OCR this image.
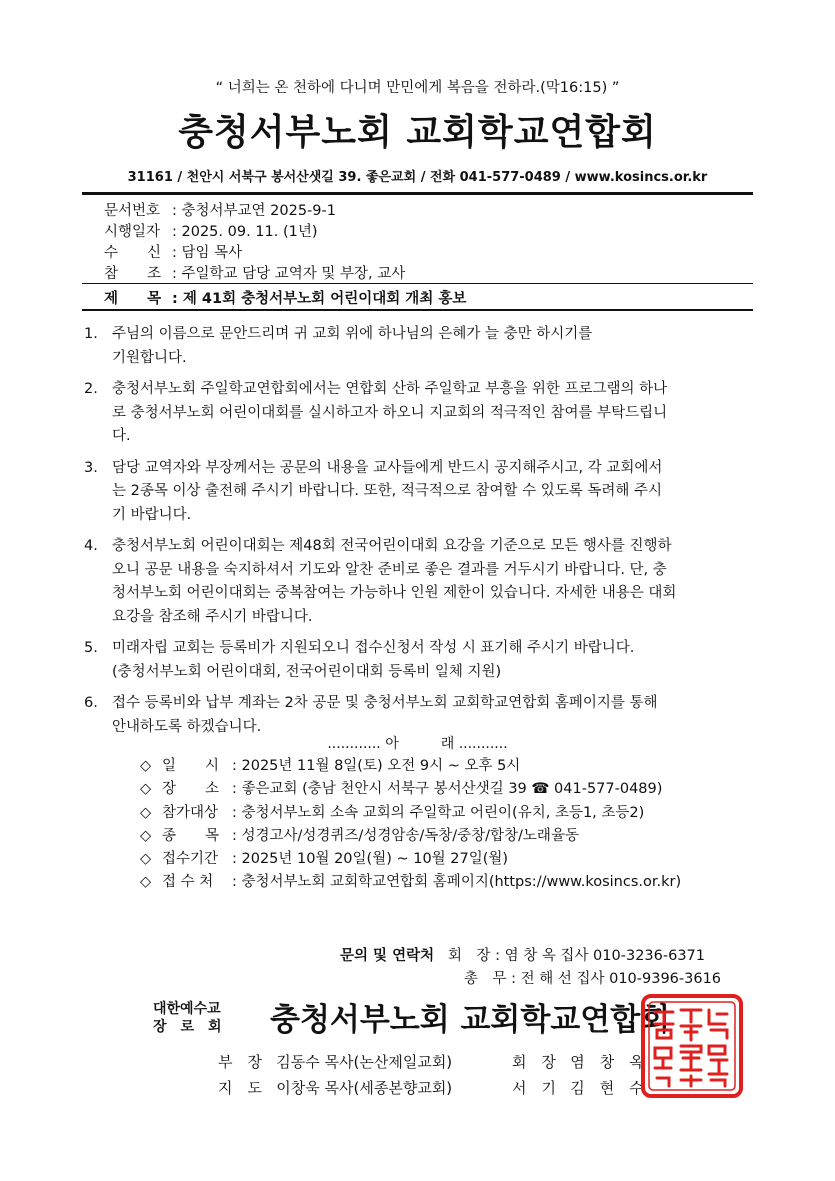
“ 너희는 온 천하에 다니며 만민에게 복음을 전하라.(막16:15) ”
충청서부노회 교회학교연합회
31161 / 천안시 서북구 봉서산샛길 39. 좋은교회 / 전화 041-577-0489 / www.kosincs.or.kr
문서번호 : 충청서부교연 2025-9-1
시행일자 : 2025. 09. 11. (1년)
수　　신 : 담임 목사
참　　조 : 주일학교 담당 교역자 및 부장, 교사
제　　목 : 제 41회 충청서부노회 어린이대회 개최 홍보
1. 주님의 이름으로 문안드리며 귀 교회 위에 하나님의 은혜가 늘 충만 하시기를
기원합니다.
2. 충청서부노회 주일학교연합회에서는 연합회 산하 주일학교 부흥을 위한 프로그램의 하나
로 충청서부노회 어린이대회를 실시하고자 하오니 지교회의 적극적인 참여를 부탁드립니
다.
3. 담당 교역자와 부장께서는 공문의 내용을 교사들에게 반드시 공지해주시고, 각 교회에서
는 2종목 이상 출전해 주시기 바랍니다. 또한, 적극적으로 참여할 수 있도록 독려해 주시
기 바랍니다.
4. 충청서부노회 어린이대회는 제48회 전국어린이대회 요강을 기준으로 모든 행사를 진행하
오니 공문 내용을 숙지하셔서 기도와 알찬 준비로 좋은 결과를 거두시기 바랍니다. 단, 충
청서부노회 어린이대회는 중복참여는 가능하나 인원 제한이 있습니다. 자세한 내용은 대회
요강을 참조해 주시기 바랍니다.
5. 미래자립 교회는 등록비가 지원되오니 접수신청서 작성 시 표기해 주시기 바랍니다.
(충청서부노회 어린이대회, 전국어린이대회 등록비 일체 지원)
6. 접수 등록비와 납부 계좌는 2차 공문 및 충청서부노회 교회학교연합회 홈페이지를 통해
안내하도록 하겠습니다.
............ 아　　　래 ...........
◇ 일　　시 : 2025년 11월 8일(토) 오전 9시 ~ 오후 5시
◇ 장　　소 : 좋은교회 (충남 천안시 서북구 봉서산샛길 39 ☎ 041-577-0489)
◇ 참가대상 : 충청서부노회 소속 교회의 주일학교 어린이(유치, 초등1, 초등2)
◇ 종　　목 : 성경고사/성경퀴즈/성경암송/독창/중창/합창/노래율동
◇ 접수기간 : 2025년 10월 20일(월) ~ 10월 27일(월)
◇ 접 수 처 : 충청서부노회 교회학교연합회 홈페이지(https://www.kosincs.or.kr)
문의 및 연락처 회　장 : 염 창 옥 집사 010-3236-6371
총　무 : 전 해 선 집사 010-9396-3616
대한예수교
장　로　회 충청서부노회 교회학교연합회
부　장 김동수 목사(논산제일교회)
지　도 이창욱 목사(세종본향교회)
회　장 염　창　옥
서　기 김　현　수
